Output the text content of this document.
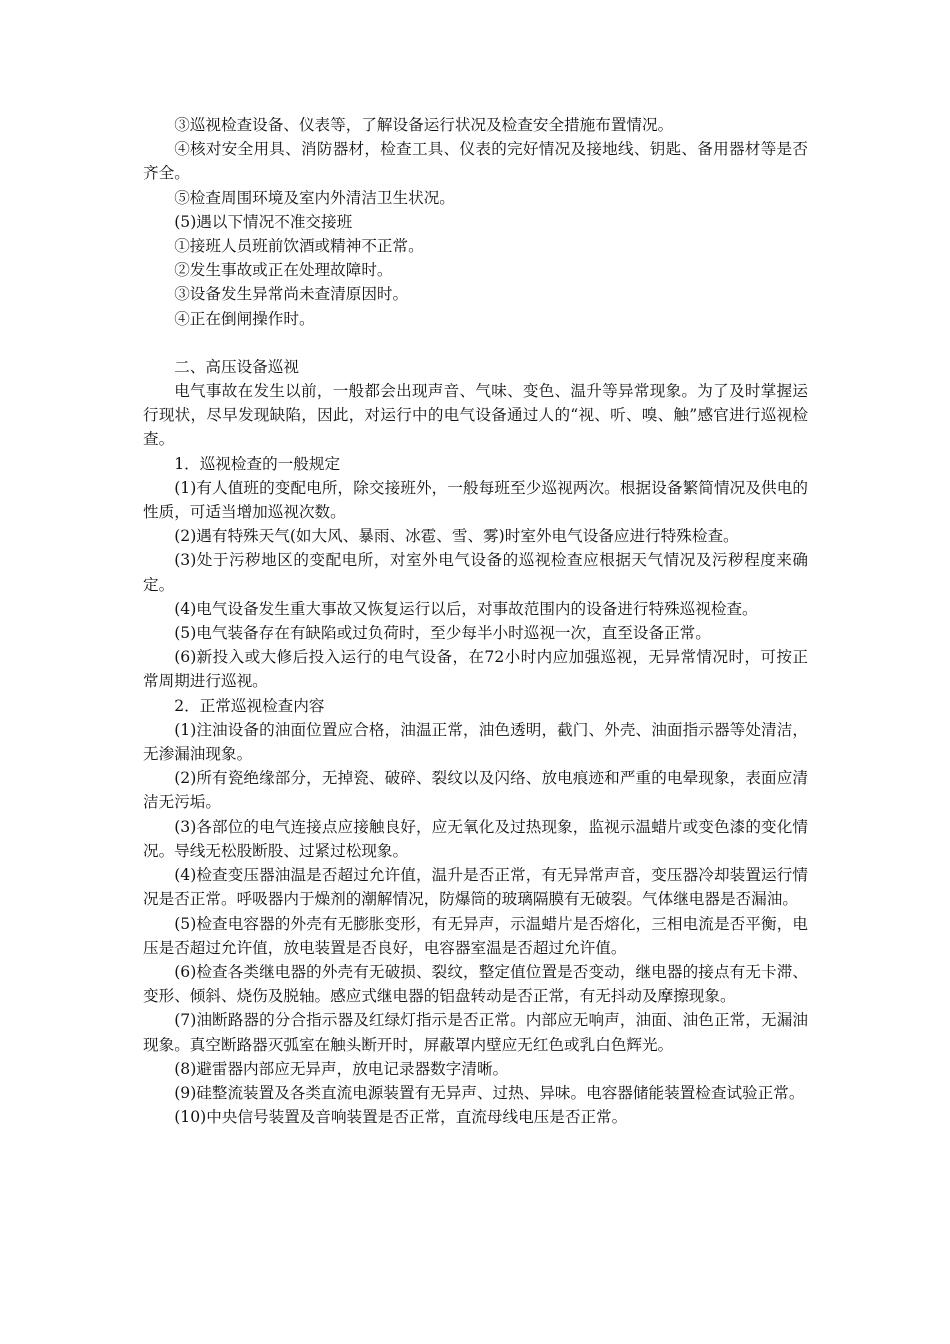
③巡视检查设备、仪表等，了解设备运行状况及检查安全措施布置情况。

④核对安全用具、消防器材，检查工具、仪表的完好情况及接地线、钥匙、备用器材等是否齐全。

⑤检查周围环境及室内外清洁卫生状况。

(5)遇以下情况不准交接班

①接班人员班前饮酒或精神不正常。

②发生事故或正在处理故障时。

③设备发生异常尚未查清原因时。

④正在倒闸操作时。

二、高压设备巡视

电气事故在发生以前，一般都会出现声音、气味、变色、温升等异常现象。为了及时掌握运行现状，尽早发现缺陷，因此，对运行中的电气设备通过人的“视、听、嗅、触”感官进行巡视检查。

1．巡视检查的一般规定

(1)有人值班的变配电所，除交接班外，一般每班至少巡视两次。根据设备繁简情况及供电的性质，可适当增加巡视次数。

(2)遇有特殊天气(如大风、暴雨、冰雹、雪、雾)时室外电气设备应进行特殊检查。

(3)处于污秽地区的变配电所，对室外电气设备的巡视检查应根据天气情况及污秽程度来确定。

(4)电气设备发生重大事故又恢复运行以后，对事故范围内的设备进行特殊巡视检查。

(5)电气装备存在有缺陷或过负荷时，至少每半小时巡视一次，直至设备正常。

(6)新投入或大修后投入运行的电气设备，在72小时内应加强巡视，无异常情况时，可按正常周期进行巡视。

2．正常巡视检查内容

(1)注油设备的油面位置应合格，油温正常，油色透明，截门、外壳、油面指示器等处清洁，无渗漏油现象。

(2)所有瓷绝缘部分，无掉瓷、破碎、裂纹以及闪络、放电痕迹和严重的电晕现象，表面应清洁无污垢。

(3)各部位的电气连接点应接触良好，应无氧化及过热现象，监视示温蜡片或变色漆的变化情况。导线无松股断股、过紧过松现象。

(4)检查变压器油温是否超过允许值，温升是否正常，有无异常声音，变压器冷却装置运行情况是否正常。呼吸器内于燥剂的潮解情况，防爆筒的玻璃隔膜有无破裂。气体继电器是否漏油。

(5)检查电容器的外壳有无膨胀变形，有无异声，示温蜡片是否熔化，三相电流是否平衡，电压是否超过允许值，放电装置是否良好，电容器室温是否超过允许值。

(6)检查各类继电器的外壳有无破损、裂纹，整定值位置是否变动，继电器的接点有无卡滞、变形、倾斜、烧伤及脱轴。感应式继电器的铝盘转动是否正常，有无抖动及摩擦现象。

(7)油断路器的分合指示器及红绿灯指示是否正常。内部应无响声，油面、油色正常，无漏油现象。真空断路器灭弧室在触头断开时，屏蔽罩内壁应无红色或乳白色辉光。

(8)避雷器内部应无异声，放电记录器数字清晰。

(9)硅整流装置及各类直流电源装置有无异声、过热、异味。电容器储能装置检查试验正常。

(10)中央信号装置及音响装置是否正常，直流母线电压是否正常。
